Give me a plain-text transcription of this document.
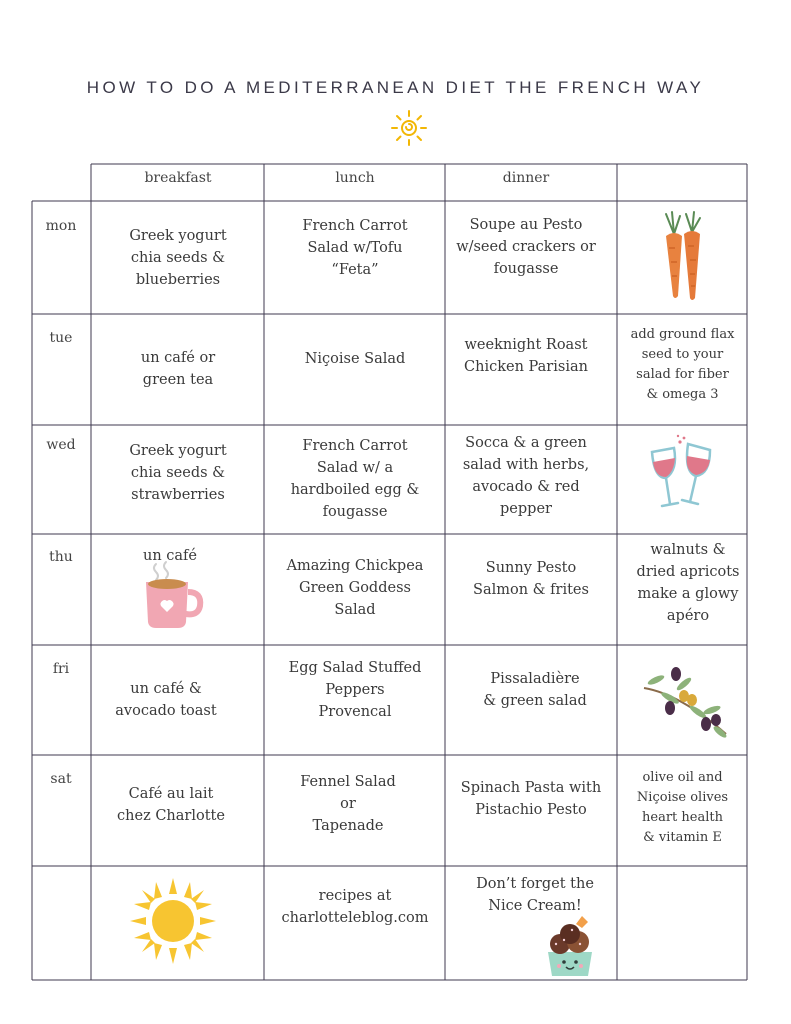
HOW TO DO A MEDITERRANEAN DIET THE FRENCH WAY
breakfast	lunch	dinner
mon
tue
wed
thu
fri
sat
Greek yogurt
chia seeds &
blueberries
French Carrot
Salad w/Tofu
“Feta”
Soupe au Pesto
w/seed crackers or
fougasse
un café or
green tea
Niçoise Salad
weeknight Roast
Chicken Parisian
add ground flax
seed to your
salad for fiber
& omega 3
Greek yogurt
chia seeds &
strawberries
French Carrot
Salad w/ a
hardboiled egg &
fougasse
Socca & a green
salad with herbs,
avocado & red
pepper
un café
Amazing Chickpea
Green Goddess
Salad
Sunny Pesto
Salmon & frites
walnuts &
dried apricots
make a glowy
apéro
un café &
avocado toast
Egg Salad Stuffed
Peppers
Provencal
Pissaladière
& green salad
Café au lait
chez Charlotte
Fennel Salad
or
Tapenade
Spinach Pasta with
Pistachio Pesto
olive oil and
Niçoise olives
heart health
& vitamin E
recipes at
charlotteleblog.com
Don’t forget the
Nice Cream!
